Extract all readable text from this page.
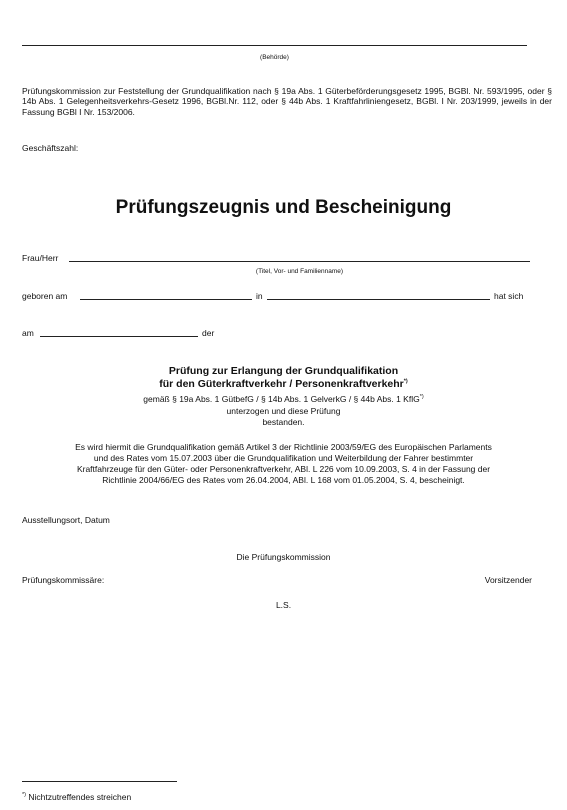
(Behörde)
Prüfungskommission zur Feststellung der Grundqualifikation nach § 19a Abs. 1 Güterbeförderungsgesetz 1995, BGBl. Nr. 593/1995, oder § 14b Abs. 1 Gelegenheitsverkehrs-Gesetz 1996, BGBl.Nr. 112, oder § 44b Abs. 1 Kraftfahrliniengesetz, BGBl. I Nr. 203/1999, jeweils in der Fassung BGBl I Nr. 153/2006.
Geschäftszahl:
Prüfungszeugnis und Bescheinigung
Frau/Herr
(Titel, Vor- und Familienname)
geboren am	in	hat sich
am	der
Prüfung zur Erlangung der Grundqualifikation
für den Güterkraftverkehr / Personenkraftverkehr*)
gemäß § 19a Abs. 1 GütbefG / § 14b Abs. 1 GelverkG / § 44b Abs. 1 KflG*)
unterzogen und diese Prüfung
bestanden.
Es wird hiermit die Grundqualifikation gemäß Artikel 3 der Richtlinie 2003/59/EG des Europäischen Parlaments
und des Rates vom 15.07.2003 über die Grundqualifikation und Weiterbildung der Fahrer bestimmter
Kraftfahrzeuge für den Güter- oder Personenkraftverkehr, ABl. L 226 vom 10.09.2003, S. 4 in der Fassung der
Richtlinie 2004/66/EG des Rates vom 26.04.2004, ABl. L 168 vom 01.05.2004, S. 4, bescheinigt.
Ausstellungsort, Datum
Die Prüfungskommission
Prüfungskommissäre:	Vorsitzender
L.S.
*) Nichtzutreffendes streichen
